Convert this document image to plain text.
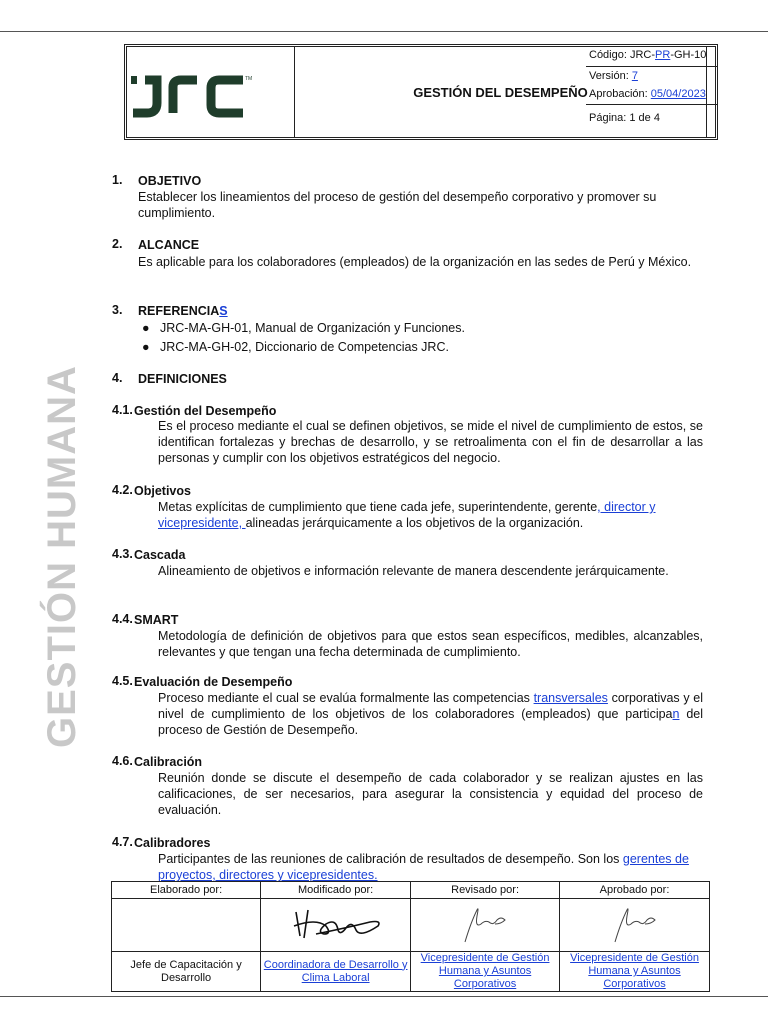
TM
GESTIÓN DEL DESEMPEÑO
Código: JRC-PR-GH-10
Versión: 7
Aprobación: 05/04/2023
Página: 1 de 4
GESTIÓN HUMANA
1. OBJETIVO
Establecer los lineamientos del proceso de gestión del desempeño corporativo y promover su cumplimiento.
2. ALCANCE
Es aplicable para los colaboradores (empleados) de la organización en las sedes de Perú y México.
3. REFERENCIAS
●   JRC-MA-GH-01, Manual de Organización y Funciones.
●   JRC-MA-GH-02, Diccionario de Competencias JRC.
4. DEFINICIONES
4.1. Gestión del Desempeño
Es el proceso mediante el cual se definen objetivos, se mide el nivel de cumplimiento de estos, se identifican fortalezas y brechas de desarrollo, y se retroalimenta con el fin de desarrollar a las personas y cumplir con los objetivos estratégicos del negocio.
4.2. Objetivos
Metas explícitas de cumplimiento que tiene cada jefe, superintendente, gerente, director y vicepresidente, alineadas jerárquicamente a los objetivos de la organización.
4.3. Cascada
Alineamiento de objetivos e información relevante de manera descendente jerárquicamente.
4.4. SMART
Metodología de definición de objetivos para que estos sean específicos, medibles, alcanzables, relevantes y que tengan una fecha determinada de cumplimiento.
4.5. Evaluación de Desempeño
Proceso mediante el cual se evalúa formalmente las competencias transversales corporativas y el nivel de cumplimiento de los objetivos de los colaboradores (empleados) que participan del proceso de Gestión de Desempeño.
4.6. Calibración
Reunión donde se discute el desempeño de cada colaborador y se realizan ajustes en las calificaciones, de ser necesarios, para asegurar la consistencia y equidad del proceso de evaluación.
4.7. Calibradores
Participantes de las reuniones de calibración de resultados de desempeño. Son los gerentes de proyectos, directores y vicepresidentes.
Elaborado por:	Modificado por:	Revisado por:	Aprobado por:

Jefe de Capacitación y Desarrollo	Coordinadora de Desarrollo y Clima Laboral	Vicepresidente de Gestión Humana y Asuntos Corporativos	Vicepresidente de Gestión Humana y Asuntos Corporativos
